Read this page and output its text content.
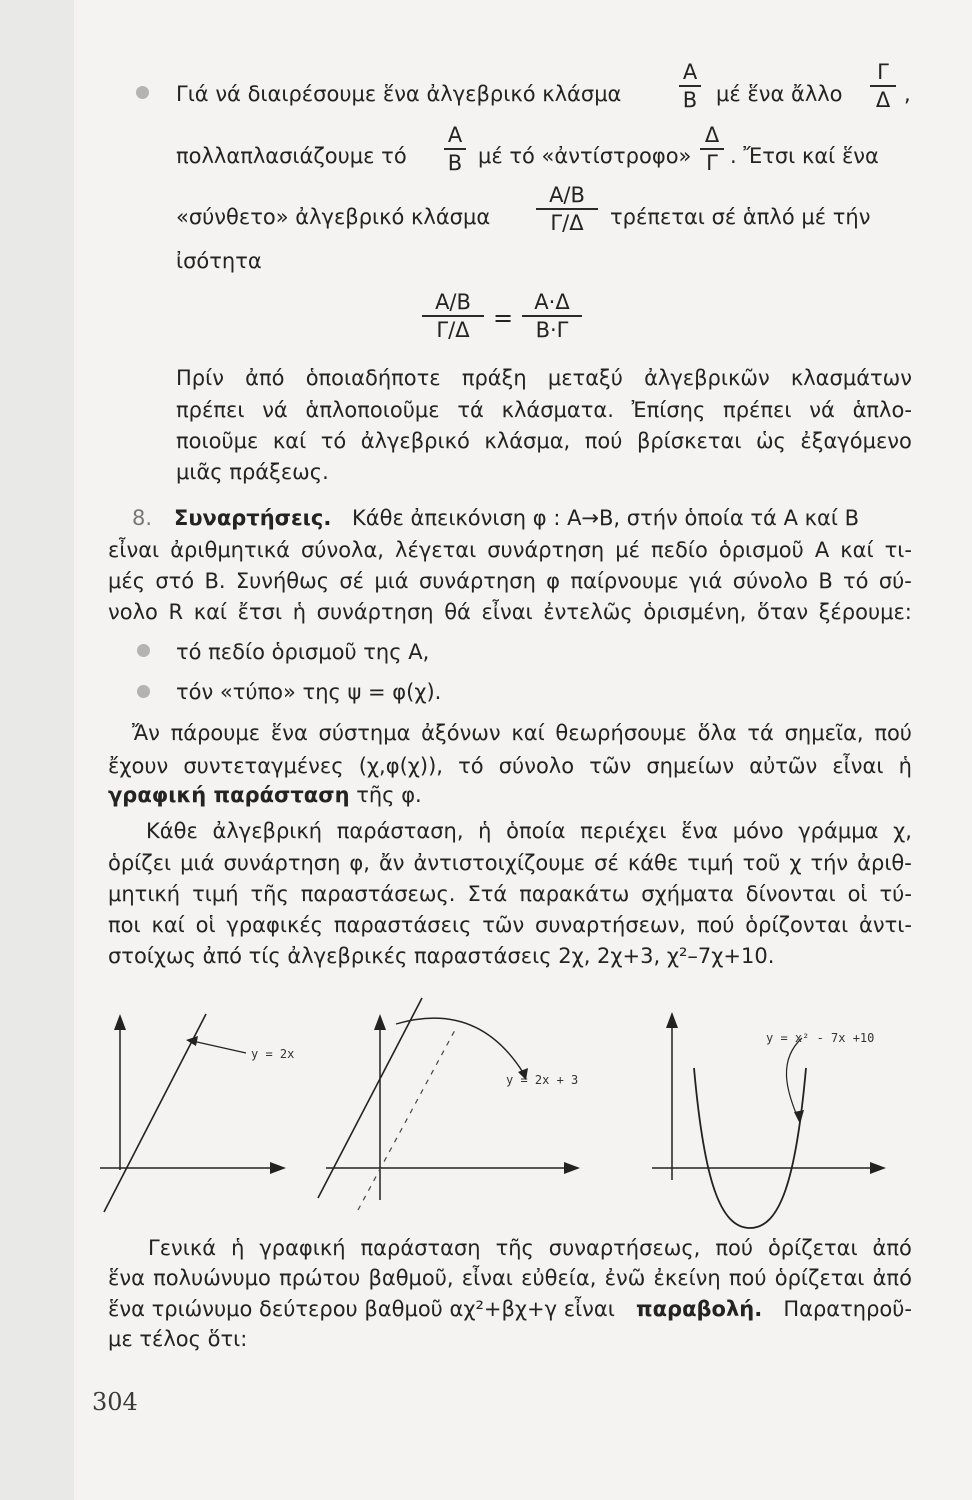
Γιά νά διαιρέσουμε ἕνα ἀλγεβρικό κλάσμα
Α
Β μέ ἕνα ἄλλο
Γ
Δ ,
πολλαπλασιάζουμε τό
Α
Β μέ τό «ἀντίστροφο»
Δ
Γ . Ἔτσι καί ἕνα
«σύνθετο» ἀλγεβρικό κλάσμα
Α/Β
Γ/Δ τρέπεται σέ ἁπλό μέ τήν
ἰσότητα
Α/Β
Γ/Δ =
Α·Δ
Β·Γ
Πρίν ἀπό ὁποιαδήποτε πράξη μεταξύ ἀλγεβρικῶν κλασμάτων
πρέπει νά ἁπλοποιοῦμε τά κλάσματα. Ἐπίσης πρέπει νά ἁπλο-
ποιοῦμε καί τό ἀλγεβρικό κλάσμα, πού βρίσκεται ὡς ἐξαγόμενο
μιᾶς πράξεως.
8. Συναρτήσεις. Κάθε ἀπεικόνιση φ : Α→Β, στήν ὁποία τά Α καί Β
εἶναι ἀριθμητικά σύνολα, λέγεται συνάρτηση μέ πεδίο ὁρισμοῦ Α καί τι-
μές στό Β. Συνήθως σέ μιά συνάρτηση φ παίρνουμε γιά σύνολο Β τό σύ-
νολο R καί ἔτσι ἡ συνάρτηση θά εἶναι ἐντελῶς ὁρισμένη, ὅταν ξέρουμε:
τό πεδίο ὁρισμοῦ της Α,
τόν «τύπο» της ψ = φ(χ).
Ἄν πάρουμε ἕνα σύστημα ἀξόνων καί θεωρήσουμε ὅλα τά σημεῖα, πού
ἔχουν συντεταγμένες (χ,φ(χ)), τό σύνολο τῶν σημείων αὐτῶν εἶναι ἡ
γραφική παράσταση τῆς φ.
Κάθε ἀλγεβρική παράσταση, ἡ ὁποία περιέχει ἕνα μόνο γράμμα χ,
ὁρίζει μιά συνάρτηση φ, ἄν ἀντιστοιχίζουμε σέ κάθε τιμή τοῦ χ τήν ἀριθ-
μητική τιμή τῆς παραστάσεως. Στά παρακάτω σχήματα δίνονται οἱ τύ-
ποι καί οἱ γραφικές παραστάσεις τῶν συναρτήσεων, πού ὁρίζονται ἀντι-
στοίχως ἀπό τίς ἀλγεβρικές παραστάσεις 2χ, 2χ+3, χ²–7χ+10.
y = 2x
y = 2x + 3
y = x² - 7x +10
Γενικά ἡ γραφική παράσταση τῆς συναρτήσεως, πού ὁρίζεται ἀπό
ἕνα πολυώνυμο πρώτου βαθμοῦ, εἶναι εὐθεία, ἐνῶ ἐκείνη πού ὁρίζεται ἀπό
ἕνα τριώνυμο δεύτερου βαθμοῦ αχ²+βχ+γ εἶναι παραβολή. Παρατηροῦ-
με τέλος ὅτι:
304
